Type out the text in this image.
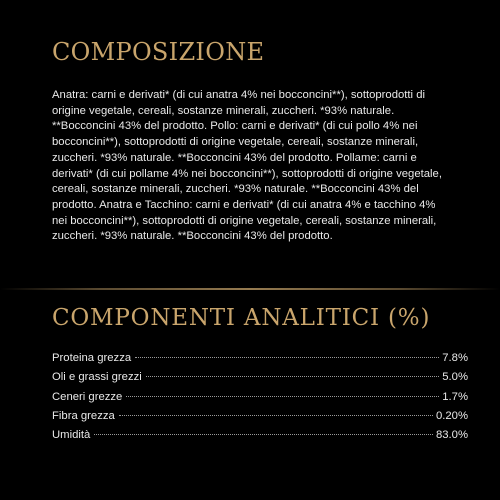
COMPOSIZIONE

Anatra: carni e derivati* (di cui anatra 4% nei bocconcini**), sottoprodotti di origine vegetale, cereali, sostanze minerali, zuccheri. *93% naturale. **Bocconcini 43% del prodotto. Pollo: carni e derivati* (di cui pollo 4% nei bocconcini**), sottoprodotti di origine vegetale, cereali, sostanze minerali, zuccheri. *93% naturale. **Bocconcini 43% del prodotto. Pollame: carni e derivati* (di cui pollame 4% nei bocconcini**), sottoprodotti di origine vegetale, cereali, sostanze minerali, zuccheri. *93% naturale. **Bocconcini 43% del prodotto. Anatra e Tacchino: carni e derivati* (di cui anatra 4% e tacchino 4% nei bocconcini**), sottoprodotti di origine vegetale, cereali, sostanze minerali, zuccheri. *93% naturale. **Bocconcini 43% del prodotto.

COMPONENTI ANALITICI (%)
Proteina grezza	7.8%
Oli e grassi grezzi	5.0%
Ceneri grezze	1.7%
Fibra grezza	0.20%
Umidità	83.0%
